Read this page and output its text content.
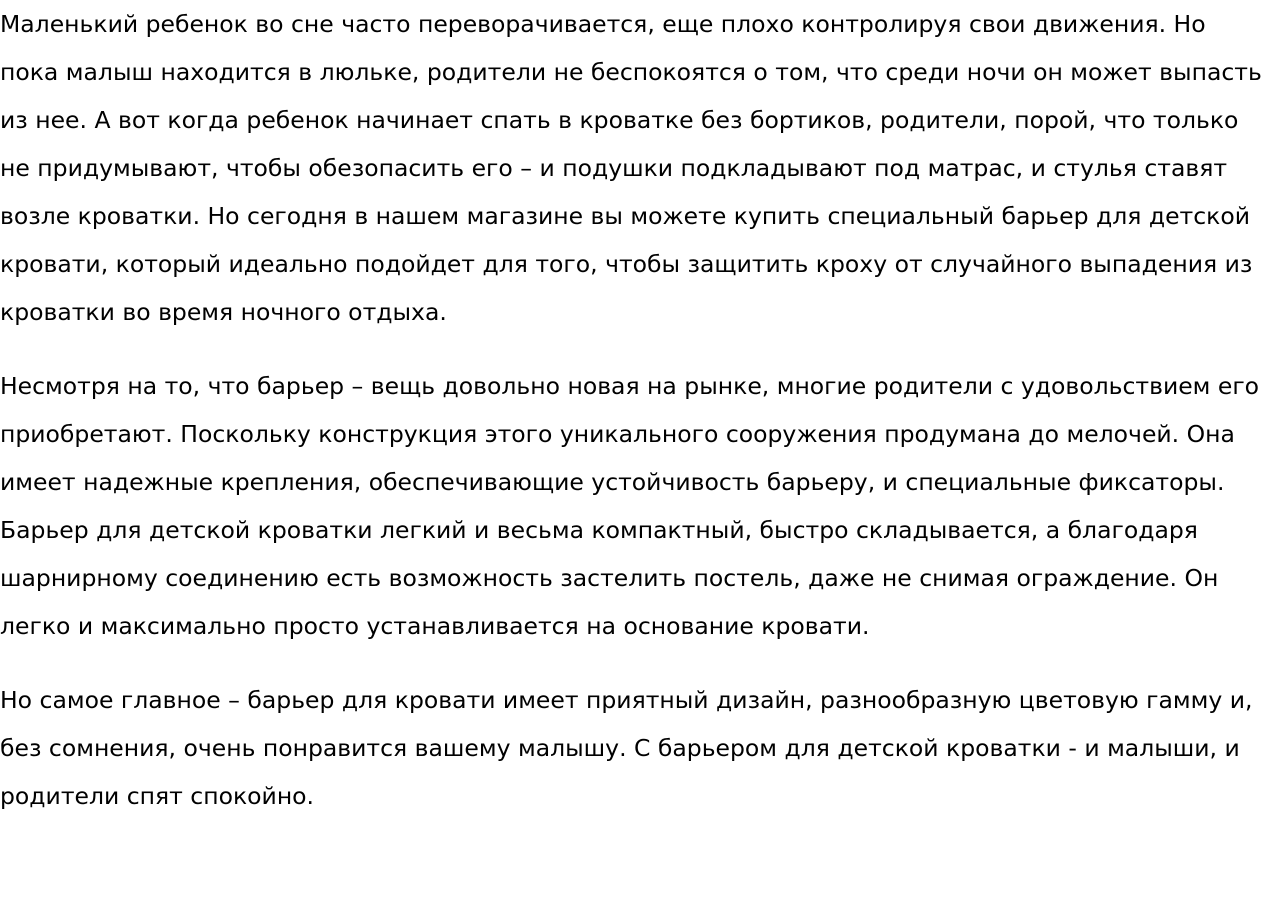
Маленький ребенок во сне часто переворачивается, еще плохо контролируя свои движения. Но пока малыш находится в люльке, родители не беспокоятся о том, что среди ночи он может выпасть из нее. А вот когда ребенок начинает спать в кроватке без бортиков, родители, порой, что только не придумывают, чтобы обезопасить его – и подушки подкладывают под матрас, и стулья ставят возле кроватки. Но сегодня в нашем магазине вы можете купить специальный барьер для детской кровати, который идеально подойдет для того, чтобы защитить кроху от случайного выпадения из кроватки во время ночного отдыха.

Несмотря на то, что барьер – вещь довольно новая на рынке, многие родители с удовольствием его приобретают. Поскольку конструкция этого уникального сооружения продумана до мелочей. Она имеет надежные крепления, обеспечивающие устойчивость барьеру, и специальные фиксаторы. Барьер для детской кроватки легкий и весьма компактный, быстро складывается, а благодаря шарнирному соединению есть возможность застелить постель, даже не снимая ограждение. Он легко и максимально просто устанавливается на основание кровати.

Но самое главное – барьер для кровати имеет приятный дизайн, разнообразную цветовую гамму и, без сомнения, очень понравится вашему малышу. С барьером для детской кроватки - и малыши, и родители спят спокойно.
